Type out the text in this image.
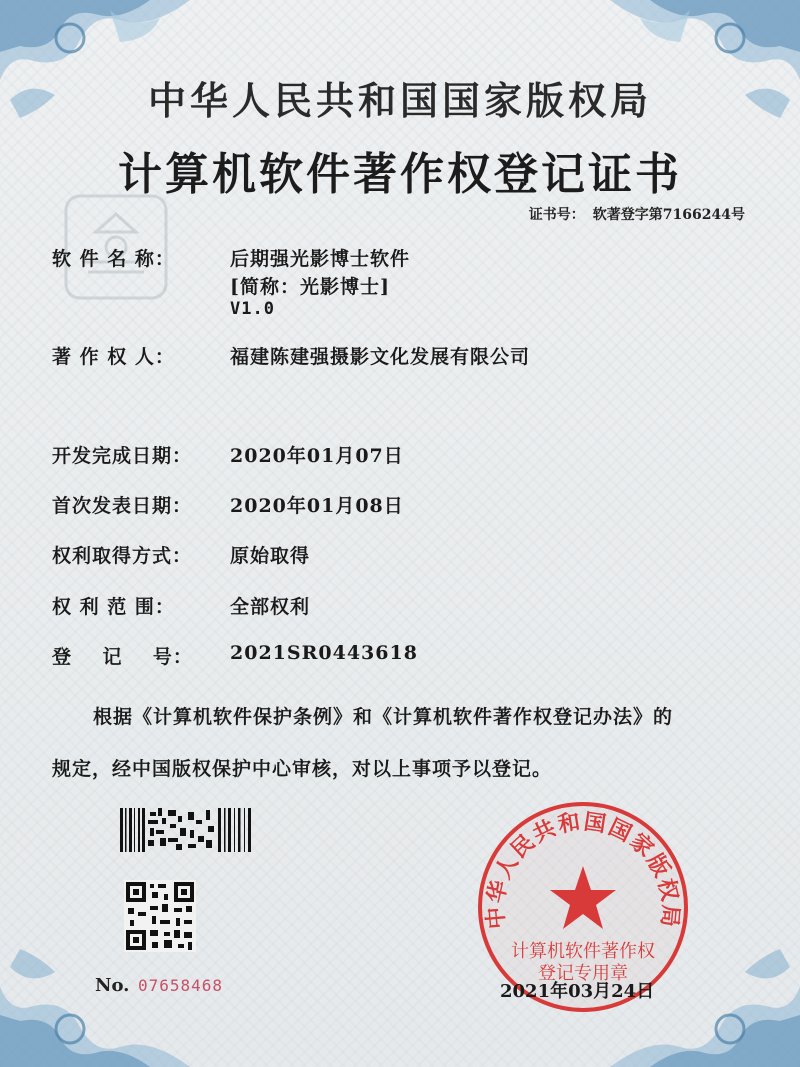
中华人民共和国国家版权局
计算机软件著作权登记证书
证书号： 软著登字第7166244号
软 件 名 称：	后期强光影博士软件
[简称：光影博士]
V1.0
著 作 权 人：	福建陈建强摄影文化发展有限公司
开发完成日期： 2020年01月07日
首次发表日期： 2020年01月08日
权利取得方式： 原始取得
权 利 范 围：	全部权利
登    记    号： 2021SR0443618
根据《计算机软件保护条例》和《计算机软件著作权登记办法》的
规定，经中国版权保护中心审核，对以上事项予以登记。
No. 07658468
中华人民共和国国家版权局
计算机软件著作权
登记专用章
2021年03月24日
